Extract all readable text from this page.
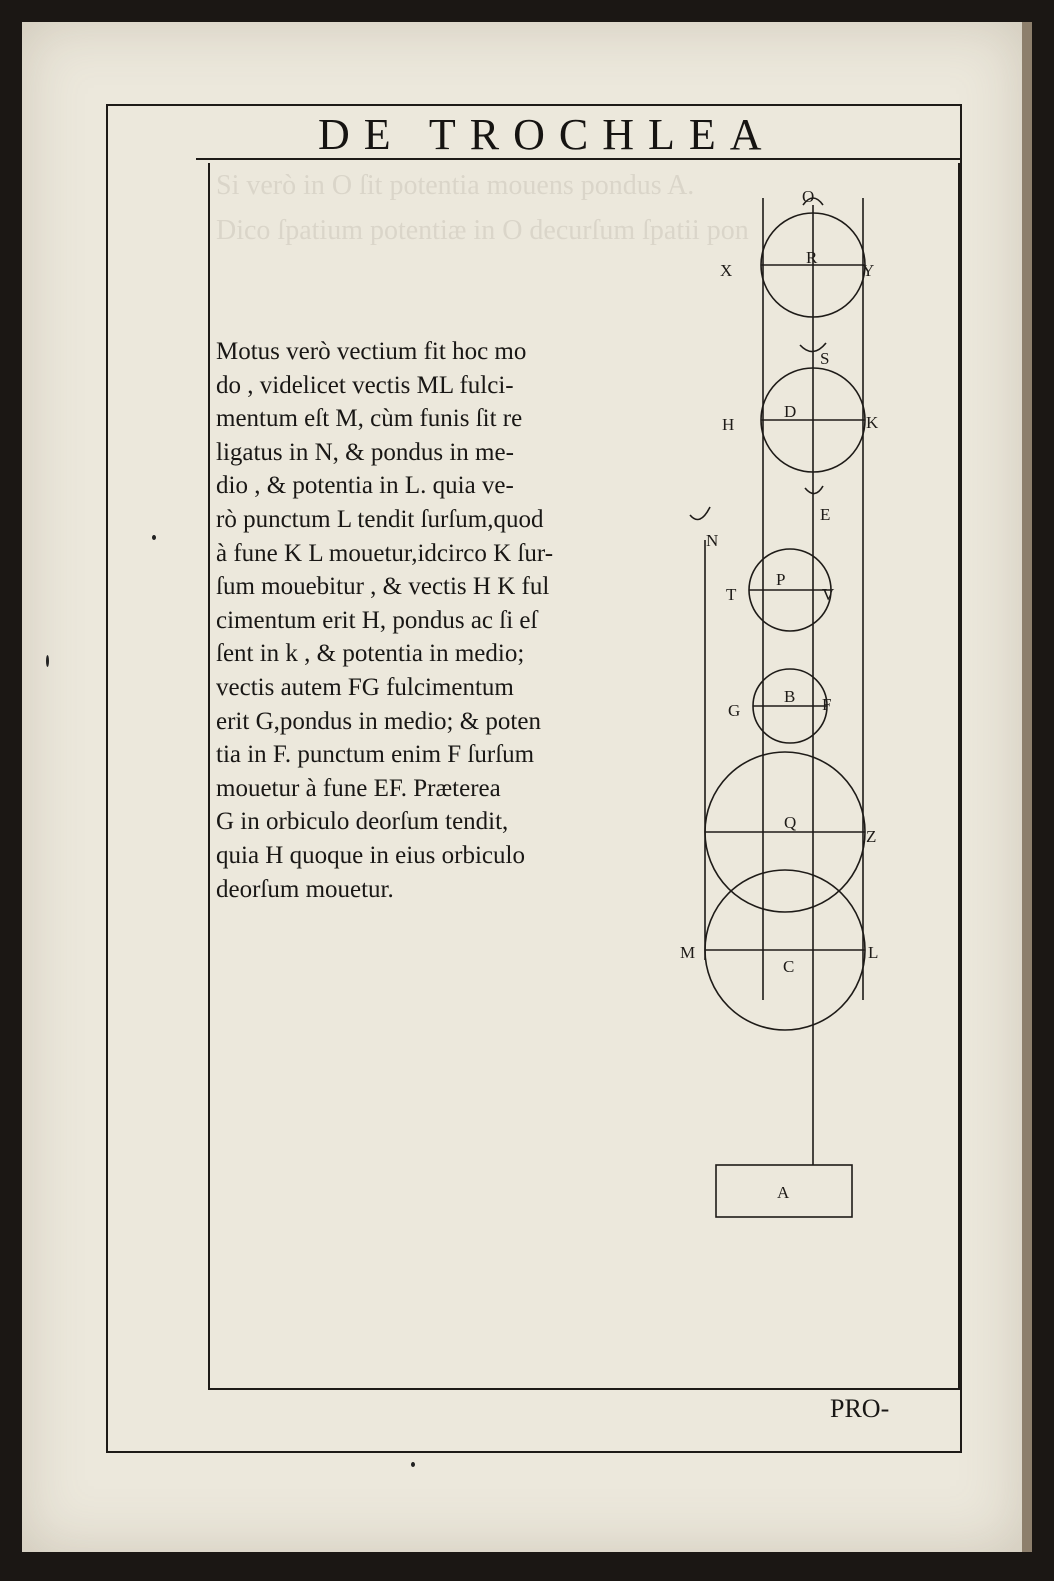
Si verò in O ſit potentia mouens pondus A.
Dico ſpatium potentiæ in O decurſum ſpatii pon
DE TROCHLEA
Motus verò vectium fit hoc mo
do , videlicet vectis ML fulci-
mentum eſt M, cùm funis ſit re
ligatus in N, & pondus in me-
dio , & potentia in L. quia ve-
rò punctum L tendit ſurſum,quod
à fune K L mouetur,idcirco K ſur-
ſum mouebitur , & vectis H K ful
cimentum erit H, pondus ac ſi eſ
ſent in k , & potentia in medio;
vectis autem FG fulcimentum
erit G,pondus in medio; & poten
tia in F. punctum enim F ſurſum
mouetur à fune EF. Præterea
G in orbiculo deorſum tendit,
quia H quoque in eius orbiculo
deorſum mouetur.
O
R
X	Y
S
D
H	K
E
N
P
T	V
B
G	F
Q
Z
M
C
L
A
PRO-
